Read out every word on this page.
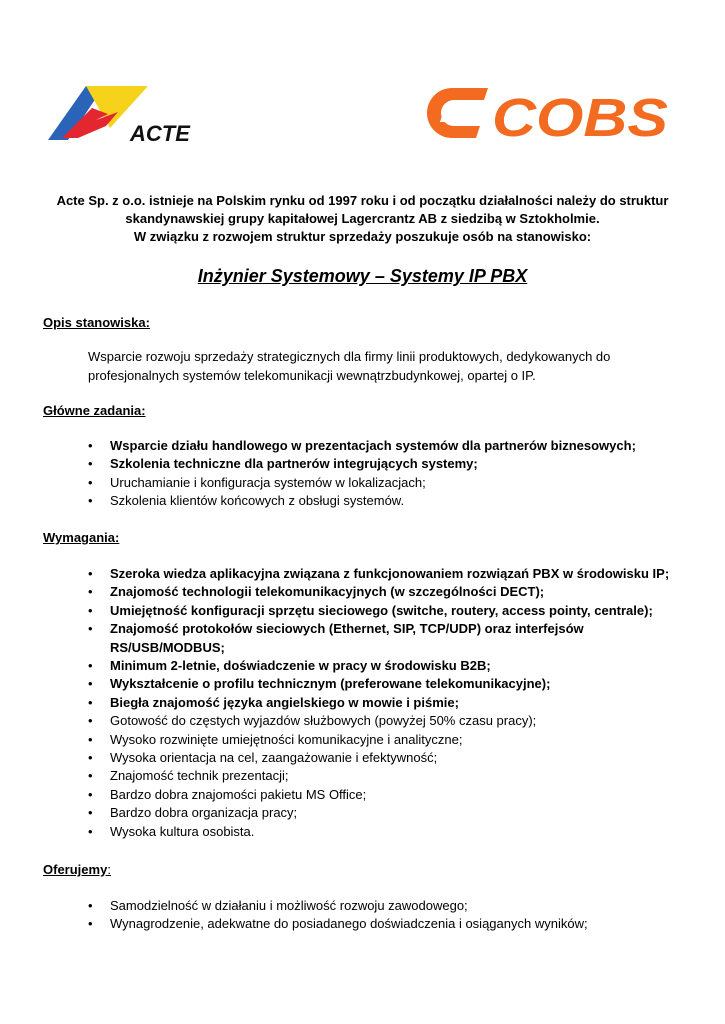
ACTE	COBS
Acte Sp. z o.o. istnieje na Polskim rynku od 1997 roku i od początku działalności należy do struktur
skandynawskiej grupy kapitałowej Lagercrantz AB z siedzibą w Sztokholmie.
W związku z rozwojem struktur sprzedaży poszukuje osób na stanowisko:
Inżynier Systemowy – Systemy IP PBX
Opis stanowiska:
Wsparcie rozwoju sprzedaży strategicznych dla firmy linii produktowych, dedykowanych do
profesjonalnych systemów telekomunikacji wewnątrzbudynkowej, opartej o IP.
Główne zadania:
• Wsparcie działu handlowego w prezentacjach systemów dla partnerów biznesowych;
• Szkolenia techniczne dla partnerów integrujących systemy;
• Uruchamianie i konfiguracja systemów w lokalizacjach;
• Szkolenia klientów końcowych z obsługi systemów.
Wymagania:
• Szeroka wiedza aplikacyjna związana z funkcjonowaniem rozwiązań PBX w środowisku IP;
• Znajomość technologii telekomunikacyjnych (w szczególności DECT);
• Umiejętność konfiguracji sprzętu sieciowego (switche, routery, access pointy, centrale);
• Znajomość protokołów sieciowych (Ethernet, SIP, TCP/UDP) oraz interfejsów
RS/USB/MODBUS;
• Minimum 2-letnie, doświadczenie w pracy w środowisku B2B;
• Wykształcenie o profilu technicznym (preferowane telekomunikacyjne);
• Biegła znajomość języka angielskiego w mowie i piśmie;
• Gotowość do częstych wyjazdów służbowych (powyżej 50% czasu pracy);
• Wysoko rozwinięte umiejętności komunikacyjne i analityczne;
• Wysoka orientacja na cel, zaangażowanie i efektywność;
• Znajomość technik prezentacji;
• Bardzo dobra znajomości pakietu MS Office;
• Bardzo dobra organizacja pracy;
• Wysoka kultura osobista.
Oferujemy:
• Samodzielność w działaniu i możliwość rozwoju zawodowego;
• Wynagrodzenie, adekwatne do posiadanego doświadczenia i osiąganych wyników;
